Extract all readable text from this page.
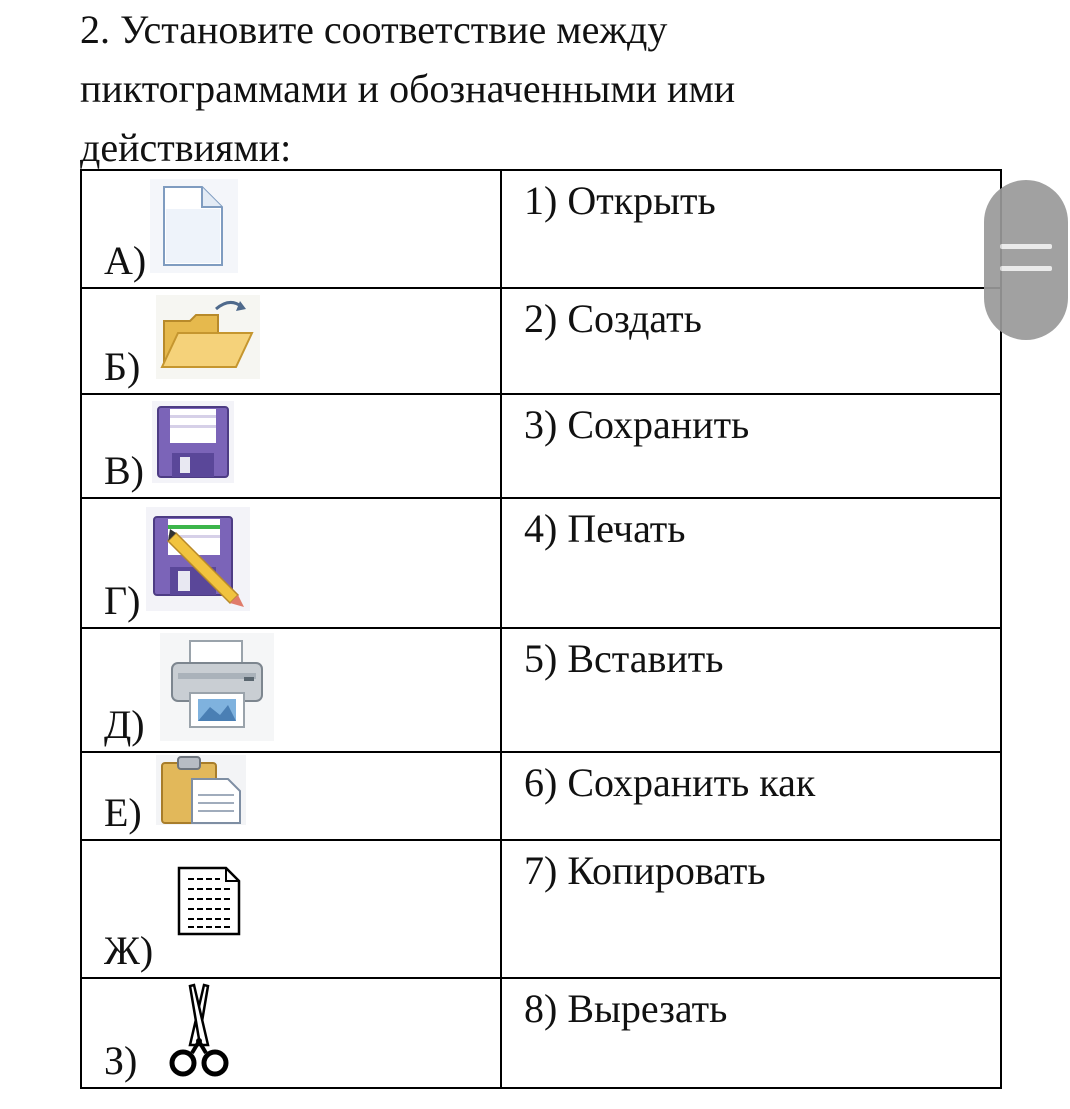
2. Установите соответствие между
пиктограммами и обозначенными ими
действиями:
А)	1) Открыть

Б)	2) Создать

В)	3) Сохранить

Г)	4) Печать

Д)	5) Вставить

Е)	6) Сохранить как

Ж)	7) Копировать

З)	8) Вырезать
